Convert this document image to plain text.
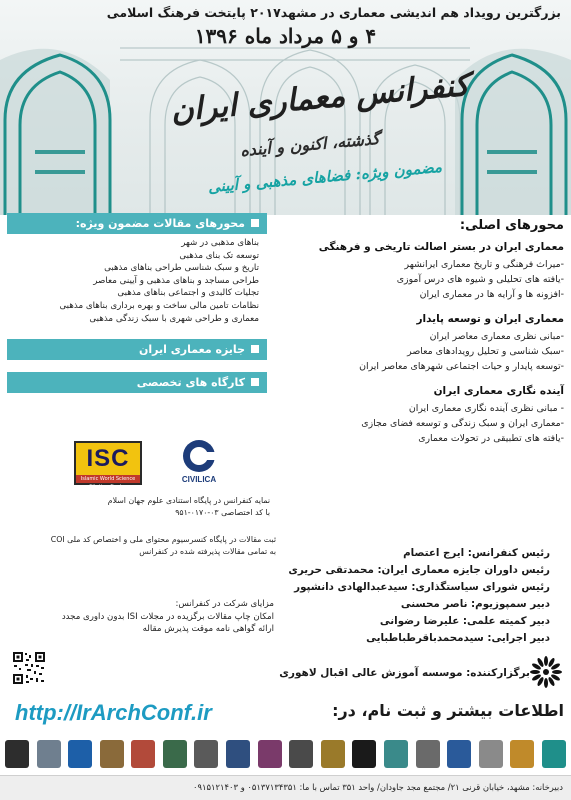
بزرگترین رویداد هم اندیشی معماری در مشهد۲۰۱۷ پایتخت فرهنگ اسلامی
۴ و ۵ مرداد ماه ۱۳۹۶
کنفرانس معماری ایران
گذشته، اکنون و آینده
مضمون ویژه: فضاهای مذهبی و آیینی
محورهای اصلی:
معماری ایران در بستر اصالت تاریخی و فرهنگی
-میراث فرهنگی و تاریخ معماری ایرانشهر
-یافته های تحلیلی و شیوه های درس آموزی
-افزونه ها و آرایه ها در معماری ایران
معماری ایران و توسعه پایدار
-مبانی نظری معماری معاصر ایران
-سبک شناسی و تحلیل رویدادهای معاصر
-توسعه پایدار و حیات اجتماعی شهرهای معاصر ایران
آینده نگاری معماری ایران
- مبانی نظری آینده نگاری معماری ایران
-معماری ایران و سبک زندگی و توسعه فضای مجازی
-یافته های تطبیقی در تحولات معماری
محورهای مقالات مضمون ویژه:
بناهای مذهبی در شهر
توسعه تک بنای مذهبی
تاریخ و سبک شناسی طراحی بناهای مذهبی
طراحی مساجد و بناهای مذهبی و آیینی معاصر
تجلیات کالبدی و اجتماعی بناهای مذهبی
نظامات تامین مالی ساخت و بهره برداری بناهای مذهبی
معماری و طراحی شهری با سبک زندگی مذهبی
جایزه معماری ایران
کارگاه های تخصصی
ISC
Islamic World Science Citation Center
CIVILICA
نمایه کنفرانس در پایگاه استنادی علوم جهان اسلام
با کد اختصاصی ۰۳-۰۱۷۰-۹۵۱
ثبت مقالات در پایگاه کنسرسیوم محتوای ملی و اختصاص کد ملی COI
به تمامی مقالات پذیرفته شده در کنفرانس
مزایای شرکت در کنفرانس:
امکان چاپ مقالات برگزیده در مجلات ISI بدون داوری مجدد
ارائه گواهی نامه موقت پذیرش مقاله
رئیس کنفرانس: ایرج اعتصام
رئیس داوران جایزه معماری ایران: محمدتقی حریری
رئیس شورای سیاستگذاری: سیدعبدالهادی دانشپور
دبیر سمپوزیوم: ناصر محسنی
دبیر کمیته علمی: علیرضا رضوانی
دبیر اجرایی: سیدمحمدباقرطباطبایی
برگزارکننده: موسسه آموزش عالی اقبال لاهوری
اطلاعات بیشتر و ثبت نام، در:
http://IrArchConf.ir
دبیرخانه: مشهد، خیابان قرنی ۲۱/ مجتمع مجد جاودان/ واحد ۳۵۱ تماس با ما: ۰۵۱۳۷۱۳۴۳۵۱ و ۰۹۱۵۱۲۱۴۰۳
